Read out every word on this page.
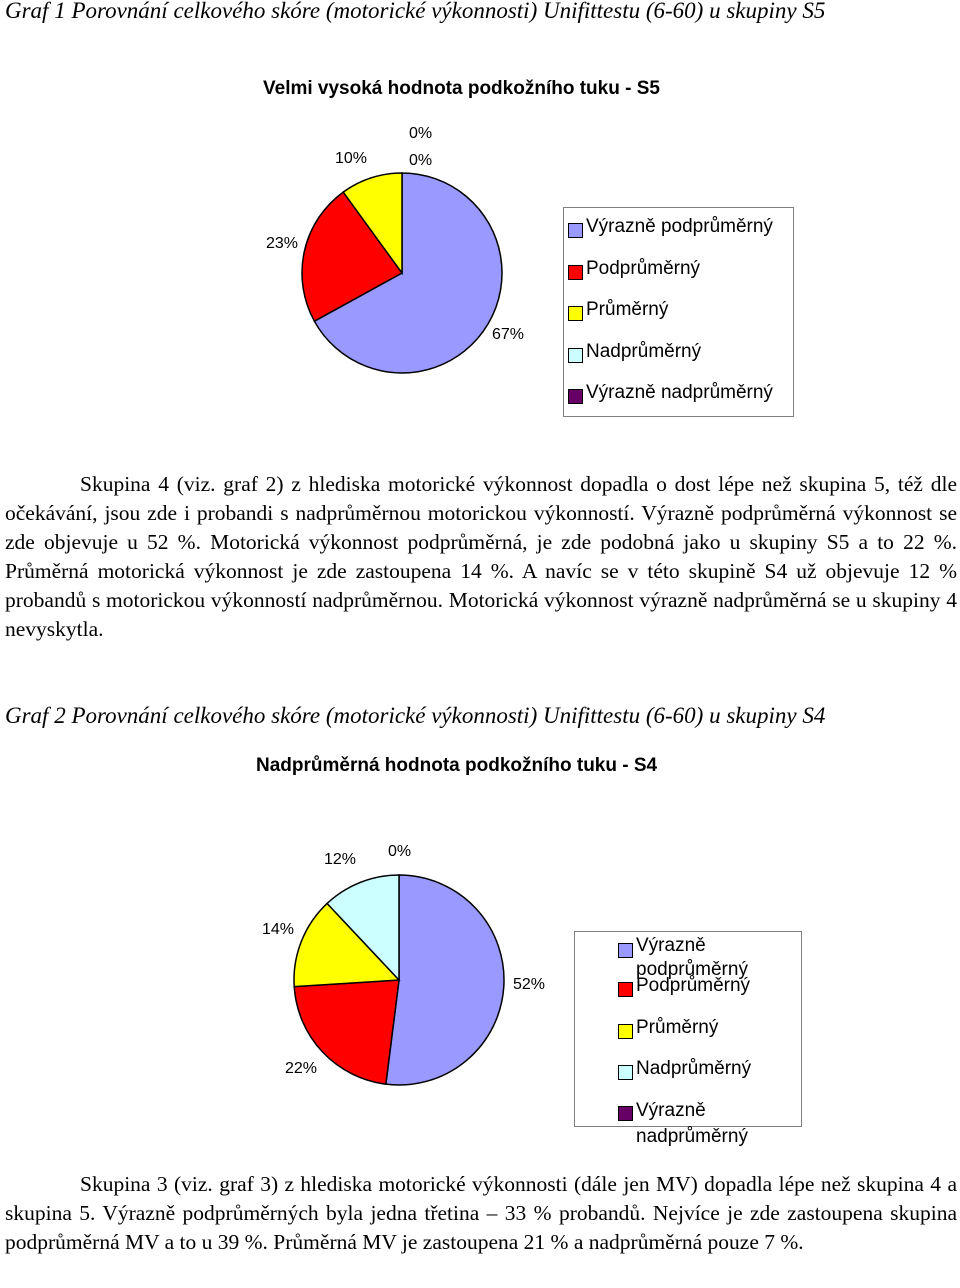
Graf 1 Porovnání celkového skóre (motorické výkonnosti) Unifittestu (6-60) u skupiny S5
Velmi vysoká hodnota podkožního tuku - S5
0%
0%
10%
23%
67%
Výrazně podprůměrný
Podprůměrný
Průměrný
Nadprůměrný
Výrazně nadprůměrný
Skupina 4 (viz. graf 2) z hlediska motorické výkonnost dopadla o dost lépe než skupina 5, též dle očekávání, jsou zde i probandi s nadprůměrnou motorickou výkonností. Výrazně podprůměrná výkonnost se zde objevuje u 52 %. Motorická výkonnost podprůměrná, je zde podobná jako u skupiny S5 a to 22 %. Průměrná motorická výkonnost je zde zastoupena 14 %. A navíc se v této skupině S4 už objevuje 12 % probandů s motorickou výkonností nadprůměrnou. Motorická výkonnost výrazně nadprůměrná se u skupiny 4 nevyskytla.
Graf 2 Porovnání celkového skóre (motorické výkonnosti) Unifittestu (6-60) u skupiny S4
Nadprůměrná hodnota podkožního tuku - S4
0%
12%
14%
22%
52%
Výrazně
podprůměrný
Podprůměrný
Průměrný
Nadprůměrný
Výrazně
nadprůměrný
Skupina 3 (viz. graf 3) z hlediska motorické výkonnosti (dále jen MV) dopadla lépe než skupina 4 a skupina 5. Výrazně podprůměrných byla jedna třetina – 33 % probandů. Nejvíce je zde zastoupena skupina podprůměrná MV a to u 39 %. Průměrná MV je zastoupena 21 % a nadprůměrná pouze 7 %.
